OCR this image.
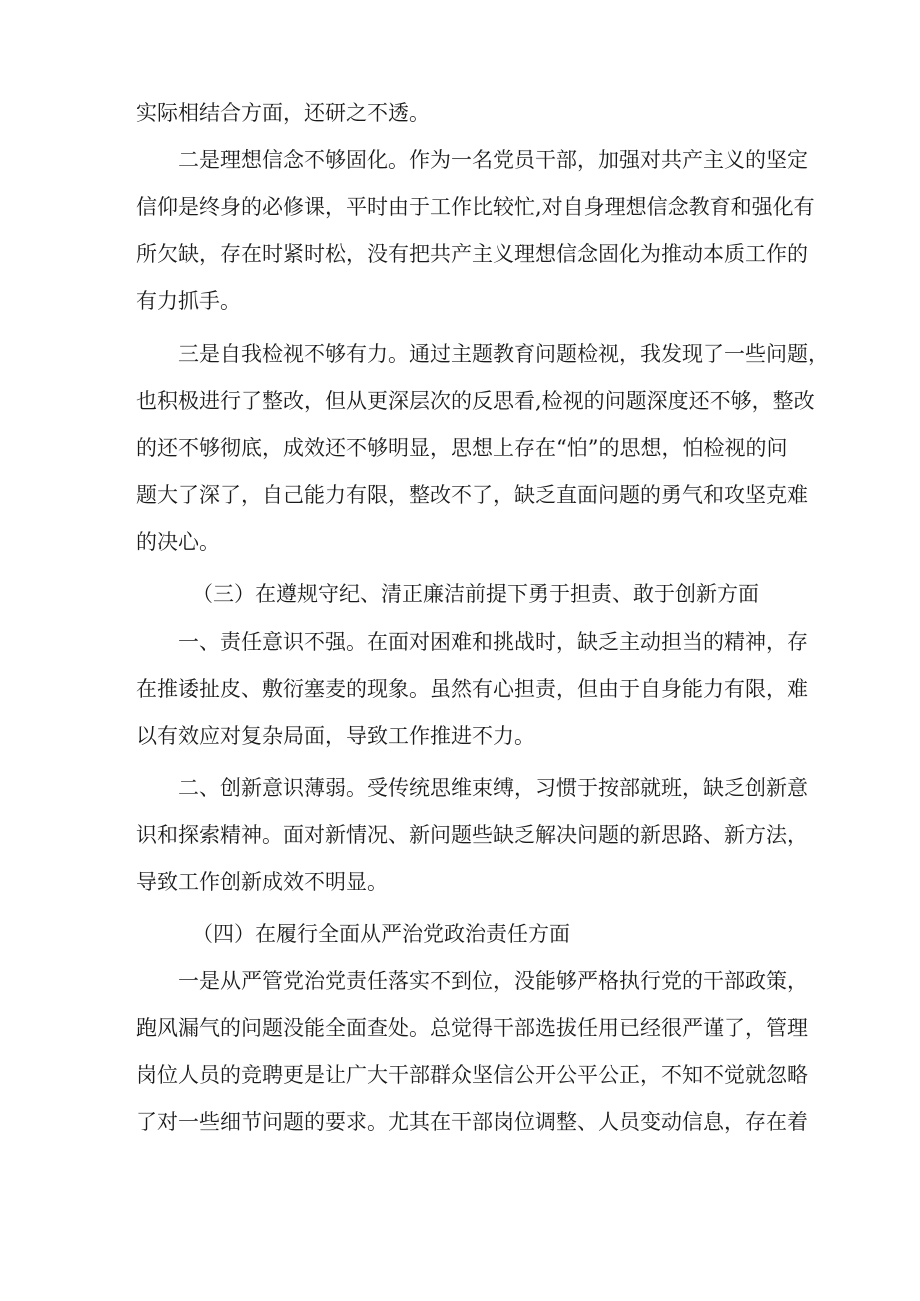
实际相结合方面，还研之不透。
二是理想信念不够固化。作为一名党员干部，加强对共产主义的坚定
信仰是终身的必修课，平时由于工作比较忙,对自身理想信念教育和强化有
所欠缺，存在时紧时松，没有把共产主义理想信念固化为推动本质工作的
有力抓手。
三是自我检视不够有力。通过主题教育问题检视，我发现了一些问题，
也积极进行了整改，但从更深层次的反思看,检视的问题深度还不够，整改
的还不够彻底，成效还不够明显，思想上存在“怕”的思想，怕检视的问
题大了深了，自己能力有限，整改不了，缺乏直面问题的勇气和攻坚克难
的决心。
（三）在遵规守纪、清正廉洁前提下勇于担责、敢于创新方面
一、责任意识不强。在面对困难和挑战时，缺乏主动担当的精神，存
在推诿扯皮、敷衍塞麦的现象。虽然有心担责，但由于自身能力有限，难
以有效应对复杂局面，导致工作推进不力。
二、创新意识薄弱。受传统思维束缚，习惯于按部就班，缺乏创新意
识和探索精神。面对新情况、新问题些缺乏解决问题的新思路、新方法，
导致工作创新成效不明显。
（四）在履行全面从严治党政治责任方面
一是从严管党治党责任落实不到位，没能够严格执行党的干部政策，
跑风漏气的问题没能全面查处。总觉得干部选拔任用已经很严谨了，管理
岗位人员的竞聘更是让广大干部群众坚信公开公平公正，不知不觉就忽略
了对一些细节问题的要求。尤其在干部岗位调整、人员变动信息，存在着
